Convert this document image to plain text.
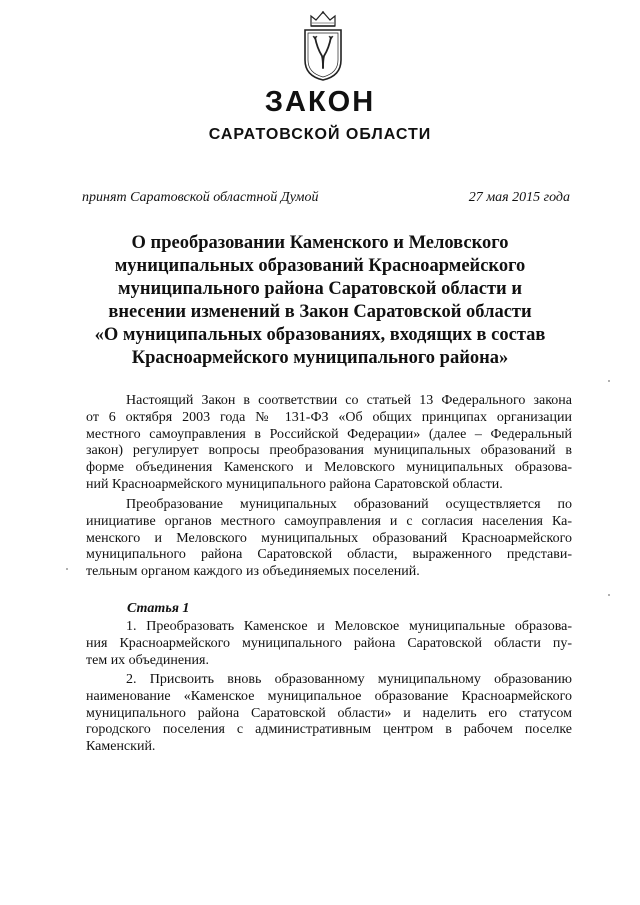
ЗАКОН
САРАТОВСКОЙ ОБЛАСТИ
принят Саратовской областной Думой	27 мая 2015 года
О преобразовании Каменского и Меловского
муниципальных образований Красноармейского
муниципального района Саратовской области и
внесении изменений в Закон Саратовской области
«О муниципальных образованиях, входящих в состав
Красноармейского муниципального района»
Настоящий Закон в соответствии со статьей 13 Федерального закона
от 6 октября 2003 года № 131-ФЗ «Об общих принципах организации
местного самоуправления в Российской Федерации» (далее – Федеральный
закон) регулирует вопросы преобразования муниципальных образований в
форме объединения Каменского и Меловского муниципальных образова-
ний Красноармейского муниципального района Саратовской области.
Преобразование муниципальных образований осуществляется по
инициативе органов местного самоуправления и с согласия населения Ка-
менского и Меловского муниципальных образований Красноармейского
муниципального района Саратовской области, выраженного представи-
тельным органом каждого из объединяемых поселений.
Статья 1
1. Преобразовать Каменское и Меловское муниципальные образова-
ния Красноармейского муниципального района Саратовской области пу-
тем их объединения.
2. Присвоить вновь образованному муниципальному образованию
наименование «Каменское муниципальное образование Красноармейского
муниципального района Саратовской области» и наделить его статусом
городского поселения с административным центром в рабочем поселке
Каменский.
